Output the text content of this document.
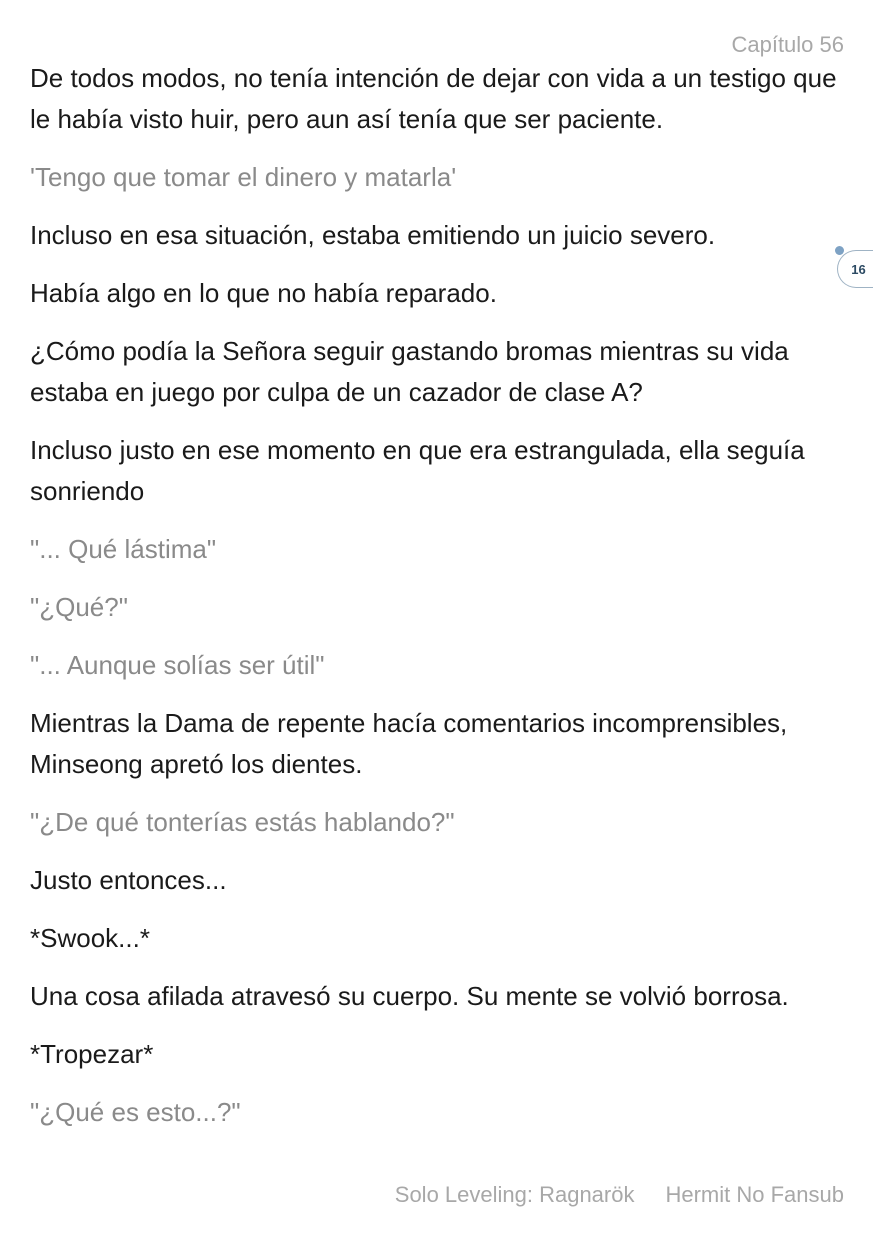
Capítulo 56

De todos modos, no tenía intención de dejar con vida a un testigo que le había visto huir, pero aun así tenía que ser paciente.

'Tengo que tomar el dinero y matarla'

Incluso en esa situación, estaba emitiendo un juicio severo.

Había algo en lo que no había reparado.

¿Cómo podía la Señora seguir gastando bromas mientras su vida estaba en juego por culpa de un cazador de clase A?

Incluso justo en ese momento en que era estrangulada, ella seguía sonriendo

"... Qué lástima"

"¿Qué?"

"... Aunque solías ser útil"

Mientras la Dama de repente hacía comentarios incomprensibles, Minseong apretó los dientes.

"¿De qué tonterías estás hablando?"

Justo entonces...

*Swook...*

Una cosa afilada atravesó su cuerpo. Su mente se volvió borrosa.

*Tropezar*

"¿Qué es esto...?"

16
Solo Leveling: Ragnarök Hermit No Fansub
